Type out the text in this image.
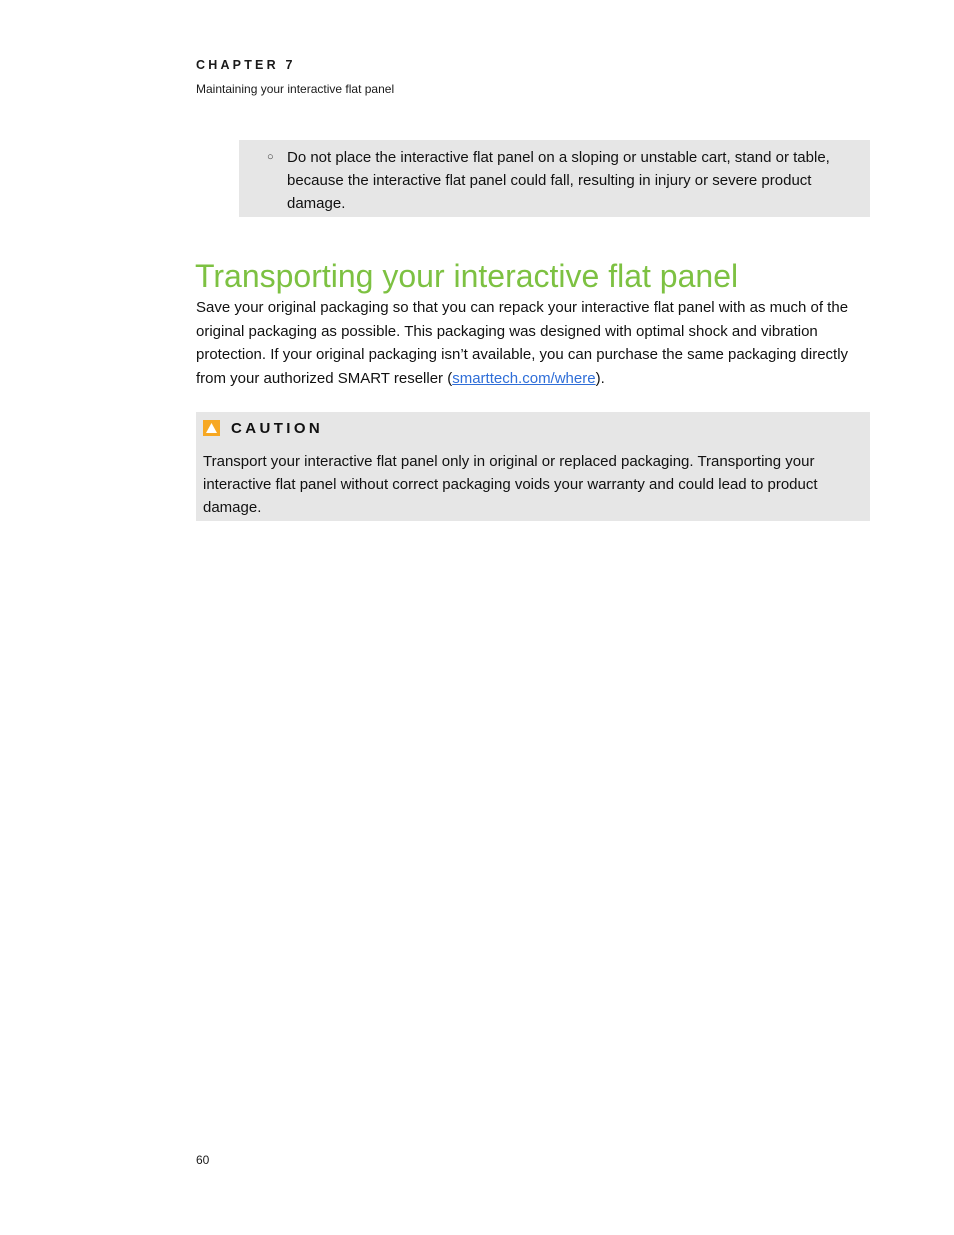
CHAPTER 7
Maintaining your interactive flat panel
○ Do not place the interactive flat panel on a sloping or unstable cart, stand or table, because the interactive flat panel could fall, resulting in injury or severe product damage.
Transporting your interactive flat panel

Save your original packaging so that you can repack your interactive flat panel with as much of the original packaging as possible. This packaging was designed with optimal shock and vibration protection. If your original packaging isn’t available, you can purchase the same packaging directly from your authorized SMART reseller (smarttech.com/where).

CAUTION

Transport your interactive flat panel only in original or replaced packaging. Transporting your interactive flat panel without correct packaging voids your warranty and could lead to product damage.

60
